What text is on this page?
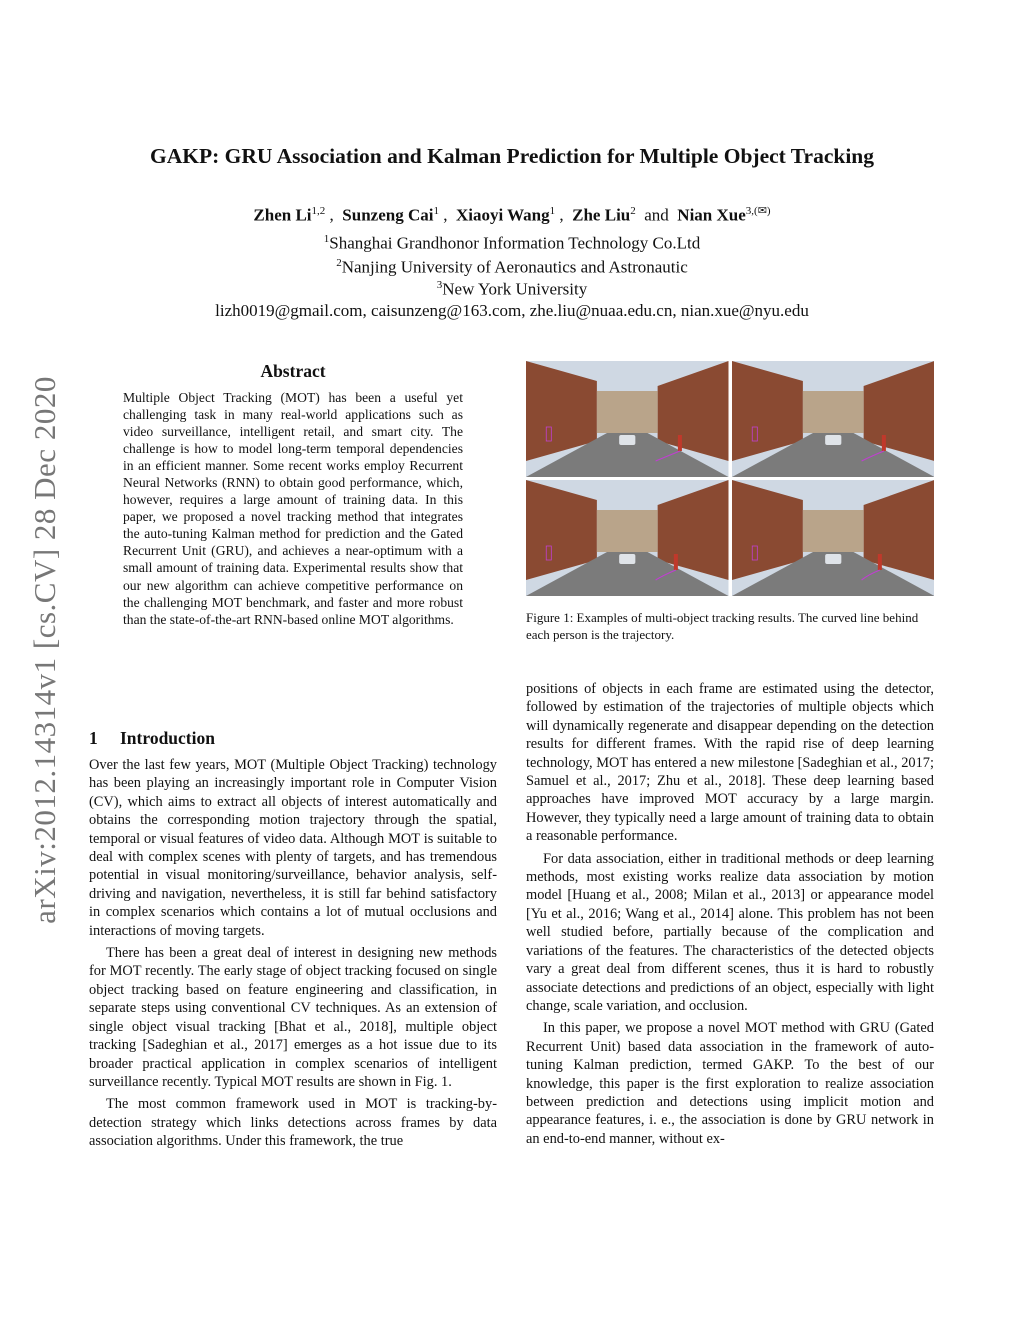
arXiv:2012.14314v1 [cs.CV] 28 Dec 2020
GAKP: GRU Association and Kalman Prediction for Multiple Object Tracking
Zhen Li$^{1,2}$ , Sunzeng Cai$^1$ , Xiaoyi Wang$^1$ , Zhe Liu$^2$ and Nian Xue$^{3,(✉)}$
$^1$Shanghai Grandhonor Information Technology Co.Ltd
$^2$Nanjing University of Aeronautics and Astronautic
$^3$New York University
lizh0019@gmail.com, caisunzeng@163.com, zhe.liu@nuaa.edu.cn, nian.xue@nyu.edu
Abstract
Multiple Object Tracking (MOT) has been a useful yet challenging task in many real-world applications such as video surveillance, intelligent retail, and smart city. The challenge is how to model long-term temporal dependencies in an efficient manner. Some recent works employ Recurrent Neural Networks (RNN) to obtain good performance, which, however, requires a large amount of training data. In this paper, we proposed a novel tracking method that integrates the auto-tuning Kalman method for prediction and the Gated Recurrent Unit (GRU), and achieves a near-optimum with a small amount of training data. Experimental results show that our new algorithm can achieve competitive performance on the challenging MOT benchmark, and faster and more robust than the state-of-the-art RNN-based online MOT algorithms.
1 Introduction

Over the last few years, MOT (Multiple Object Tracking) technology has been playing an increasingly important role in Computer Vision (CV), which aims to extract all objects of interest automatically and obtains the corresponding motion trajectory through the spatial, temporal or visual features of video data. Although MOT is suitable to deal with complex scenes with plenty of targets, and has tremendous potential in visual monitoring/surveillance, behavior analysis, self-driving and navigation, nevertheless, it is still far behind satisfactory in complex scenarios which contains a lot of mutual occlusions and interactions of moving targets.

There has been a great deal of interest in designing new methods for MOT recently. The early stage of object tracking focused on single object tracking based on feature engineering and classification, in separate steps using conventional CV techniques. As an extension of single object visual tracking [Bhat et al., 2018], multiple object tracking [Sadeghian et al., 2017] emerges as a hot issue due to its broader practical application in complex scenarios of intelligent surveillance recently. Typical MOT results are shown in Fig. 1.

The most common framework used in MOT is tracking-by-detection strategy which links detections across frames by data association algorithms. Under this framework, the true

Figure 1: Examples of multi-object tracking results. The curved line behind each person is the trajectory.

positions of objects in each frame are estimated using the detector, followed by estimation of the trajectories of multiple objects which will dynamically regenerate and disappear depending on the detection results for different frames. With the rapid rise of deep learning technology, MOT has entered a new milestone [Sadeghian et al., 2017; Samuel et al., 2017; Zhu et al., 2018]. These deep learning based approaches have improved MOT accuracy by a large margin. However, they typically need a large amount of training data to obtain a reasonable performance.

For data association, either in traditional methods or deep learning methods, most existing works realize data association by motion model [Huang et al., 2008; Milan et al., 2013] or appearance model [Yu et al., 2016; Wang et al., 2014] alone. This problem has not been well studied before, partially because of the complication and variations of the features. The characteristics of the detected objects vary a great deal from different scenes, thus it is hard to robustly associate detections and predictions of an object, especially with light change, scale variation, and occlusion.

In this paper, we propose a novel MOT method with GRU (Gated Recurrent Unit) based data association in the framework of auto-tuning Kalman prediction, termed GAKP. To the best of our knowledge, this paper is the first exploration to realize association between prediction and detections using implicit motion and appearance features, i. e., the association is done by GRU network in an end-to-end manner, without ex-
